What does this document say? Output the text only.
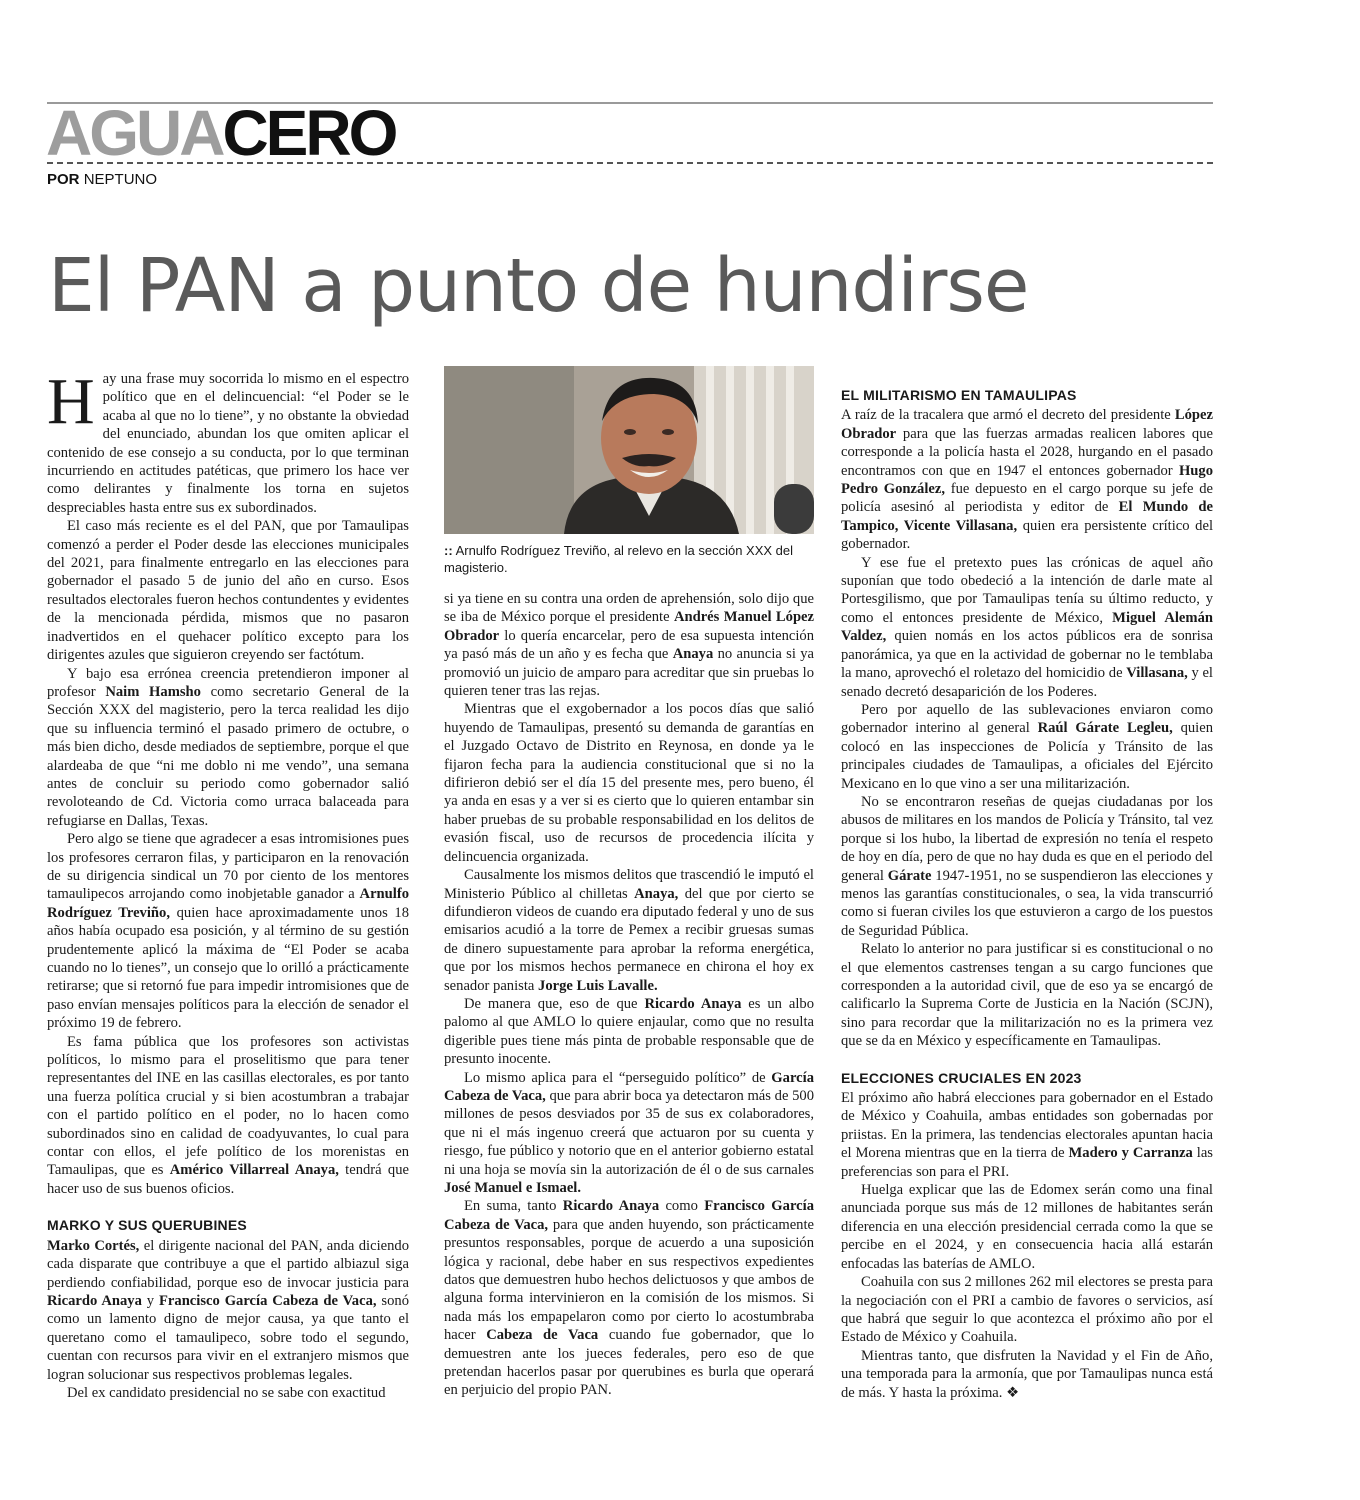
AGUACERO
POR NEPTUNO
El PAN a punto de hundirse

Hay una frase muy socorrida lo mismo en el espectro político que en el delincuencial: “el Poder se le acaba al que no lo tiene”, y no obstante la obviedad del enunciado, abundan los que omiten aplicar el contenido de ese consejo a su conducta, por lo que terminan incurriendo en actitudes patéticas, que primero los hace ver como delirantes y finalmente los torna en sujetos despreciables hasta entre sus ex subordinados.

El caso más reciente es el del PAN, que por Tamaulipas comenzó a perder el Poder desde las elecciones municipales del 2021, para finalmente entregarlo en las elecciones para gobernador el pasado 5 de junio del año en curso. Esos resultados electorales fueron hechos contundentes y evidentes de la mencionada pérdida, mismos que no pasaron inadvertidos en el quehacer político excepto para los dirigentes azules que siguieron creyendo ser factótum.

Y bajo esa errónea creencia pretendieron imponer al profesor Naim Hamsho como secretario General de la Sección XXX del magisterio, pero la terca realidad les dijo que su influencia terminó el pasado primero de octubre, o más bien dicho, desde mediados de septiembre, porque el que alardeaba de que “ni me doblo ni me vendo”, una semana antes de concluir su periodo como gobernador salió revoloteando de Cd. Victoria como urraca balaceada para refugiarse en Dallas, Texas.

Pero algo se tiene que agradecer a esas intromisiones pues los profesores cerraron filas, y participaron en la renovación de su dirigencia sindical un 70 por ciento de los mentores tamaulipecos arrojando como inobjetable ganador a Arnulfo Rodríguez Treviño, quien hace aproximadamente unos 18 años había ocupado esa posición, y al término de su gestión prudentemente aplicó la máxima de “El Poder se acaba cuando no lo tienes”, un consejo que lo orilló a prácticamente retirarse; que si retornó fue para impedir intromisiones que de paso envían mensajes políticos para la elección de senador el próximo 19 de febrero.

Es fama pública que los profesores son activistas políticos, lo mismo para el proselitismo que para tener representantes del INE en las casillas electorales, es por tanto una fuerza política crucial y si bien acostumbran a trabajar con el partido político en el poder, no lo hacen como subordinados sino en calidad de coadyuvantes, lo cual para contar con ellos, el jefe político de los morenistas en Tamaulipas, que es Américo Villarreal Anaya, tendrá que hacer uso de sus buenos oficios.

MARKO Y SUS QUERUBINES

Marko Cortés, el dirigente nacional del PAN, anda diciendo cada disparate que contribuye a que el partido albiazul siga perdiendo confiabilidad, porque eso de invocar justicia para Ricardo Anaya y Francisco García Cabeza de Vaca, sonó como un lamento digno de mejor causa, ya que tanto el queretano como el tamaulipeco, sobre todo el segundo, cuentan con recursos para vivir en el extranjero mismos que logran solucionar sus respectivos problemas legales.

Del ex candidato presidencial no se sabe con exactitud

:: Arnulfo Rodríguez Treviño, al relevo en la sección XXX del magisterio.

si ya tiene en su contra una orden de aprehensión, solo dijo que se iba de México porque el presidente Andrés Manuel López Obrador lo quería encarcelar, pero de esa supuesta intención ya pasó más de un año y es fecha que Anaya no anuncia si ya promovió un juicio de amparo para acreditar que sin pruebas lo quieren tener tras las rejas.

Mientras que el exgobernador a los pocos días que salió huyendo de Tamaulipas, presentó su demanda de garantías en el Juzgado Octavo de Distrito en Reynosa, en donde ya le fijaron fecha para la audiencia constitucional que si no la difirieron debió ser el día 15 del presente mes, pero bueno, él ya anda en esas y a ver si es cierto que lo quieren entambar sin haber pruebas de su probable responsabilidad en los delitos de evasión fiscal, uso de recursos de procedencia ilícita y delincuencia organizada.

Causalmente los mismos delitos que trascendió le imputó el Ministerio Público al chilletas Anaya, del que por cierto se difundieron videos de cuando era diputado federal y uno de sus emisarios acudió a la torre de Pemex a recibir gruesas sumas de dinero supuestamente para aprobar la reforma energética, que por los mismos hechos permanece en chirona el hoy ex senador panista Jorge Luis Lavalle.

De manera que, eso de que Ricardo Anaya es un albo palomo al que AMLO lo quiere enjaular, como que no resulta digerible pues tiene más pinta de probable responsable que de presunto inocente.

Lo mismo aplica para el “perseguido político” de García Cabeza de Vaca, que para abrir boca ya detectaron más de 500 millones de pesos desviados por 35 de sus ex colaboradores, que ni el más ingenuo creerá que actuaron por su cuenta y riesgo, fue público y notorio que en el anterior gobierno estatal ni una hoja se movía sin la autorización de él o de sus carnales José Manuel e Ismael.

En suma, tanto Ricardo Anaya como Francisco García Cabeza de Vaca, para que anden huyendo, son prácticamente presuntos responsables, porque de acuerdo a una suposición lógica y racional, debe haber en sus respectivos expedientes datos que demuestren hubo hechos delictuosos y que ambos de alguna forma intervinieron en la comisión de los mismos. Si nada más los empapelaron como por cierto lo acostumbraba hacer Cabeza de Vaca cuando fue gobernador, que lo demuestren ante los jueces federales, pero eso de que pretendan hacerlos pasar por querubines es burla que operará en perjuicio del propio PAN.

EL MILITARISMO EN TAMAULIPAS

A raíz de la tracalera que armó el decreto del presidente López Obrador para que las fuerzas armadas realicen labores que corresponde a la policía hasta el 2028, hurgando en el pasado encontramos con que en 1947 el entonces gobernador Hugo Pedro González, fue depuesto en el cargo porque su jefe de policía asesinó al periodista y editor de El Mundo de Tampico, Vicente Villasana, quien era persistente crítico del gobernador.

Y ese fue el pretexto pues las crónicas de aquel año suponían que todo obedeció a la intención de darle mate al Portesgilismo, que por Tamaulipas tenía su último reducto, y como el entonces presidente de México, Miguel Alemán Valdez, quien nomás en los actos públicos era de sonrisa panorámica, ya que en la actividad de gobernar no le temblaba la mano, aprovechó el roletazo del homicidio de Villasana, y el senado decretó desaparición de los Poderes.

Pero por aquello de las sublevaciones enviaron como gobernador interino al general Raúl Gárate Legleu, quien colocó en las inspecciones de Policía y Tránsito de las principales ciudades de Tamaulipas, a oficiales del Ejército Mexicano en lo que vino a ser una militarización.

No se encontraron reseñas de quejas ciudadanas por los abusos de militares en los mandos de Policía y Tránsito, tal vez porque si los hubo, la libertad de expresión no tenía el respeto de hoy en día, pero de que no hay duda es que en el periodo del general Gárate 1947-1951, no se suspendieron las elecciones y menos las garantías constitucionales, o sea, la vida transcurrió como si fueran civiles los que estuvieron a cargo de los puestos de Seguridad Pública.

Relato lo anterior no para justificar si es constitucional o no el que elementos castrenses tengan a su cargo funciones que corresponden a la autoridad civil, que de eso ya se encargó de calificarlo la Suprema Corte de Justicia en la Nación (SCJN), sino para recordar que la militarización no es la primera vez que se da en México y específicamente en Tamaulipas.

ELECCIONES CRUCIALES EN 2023

El próximo año habrá elecciones para gobernador en el Estado de México y Coahuila, ambas entidades son gobernadas por priistas. En la primera, las tendencias electorales apuntan hacia el Morena mientras que en la tierra de Madero y Carranza las preferencias son para el PRI.

Huelga explicar que las de Edomex serán como una final anunciada porque sus más de 12 millones de habitantes serán diferencia en una elección presidencial cerrada como la que se percibe en el 2024, y en consecuencia hacia allá estarán enfocadas las baterías de AMLO.

Coahuila con sus 2 millones 262 mil electores se presta para la negociación con el PRI a cambio de favores o servicios, así que habrá que seguir lo que acontezca el próximo año por el Estado de México y Coahuila.

Mientras tanto, que disfruten la Navidad y el Fin de Año, una temporada para la armonía, que por Tamaulipas nunca está de más. Y hasta la próxima. ❖
